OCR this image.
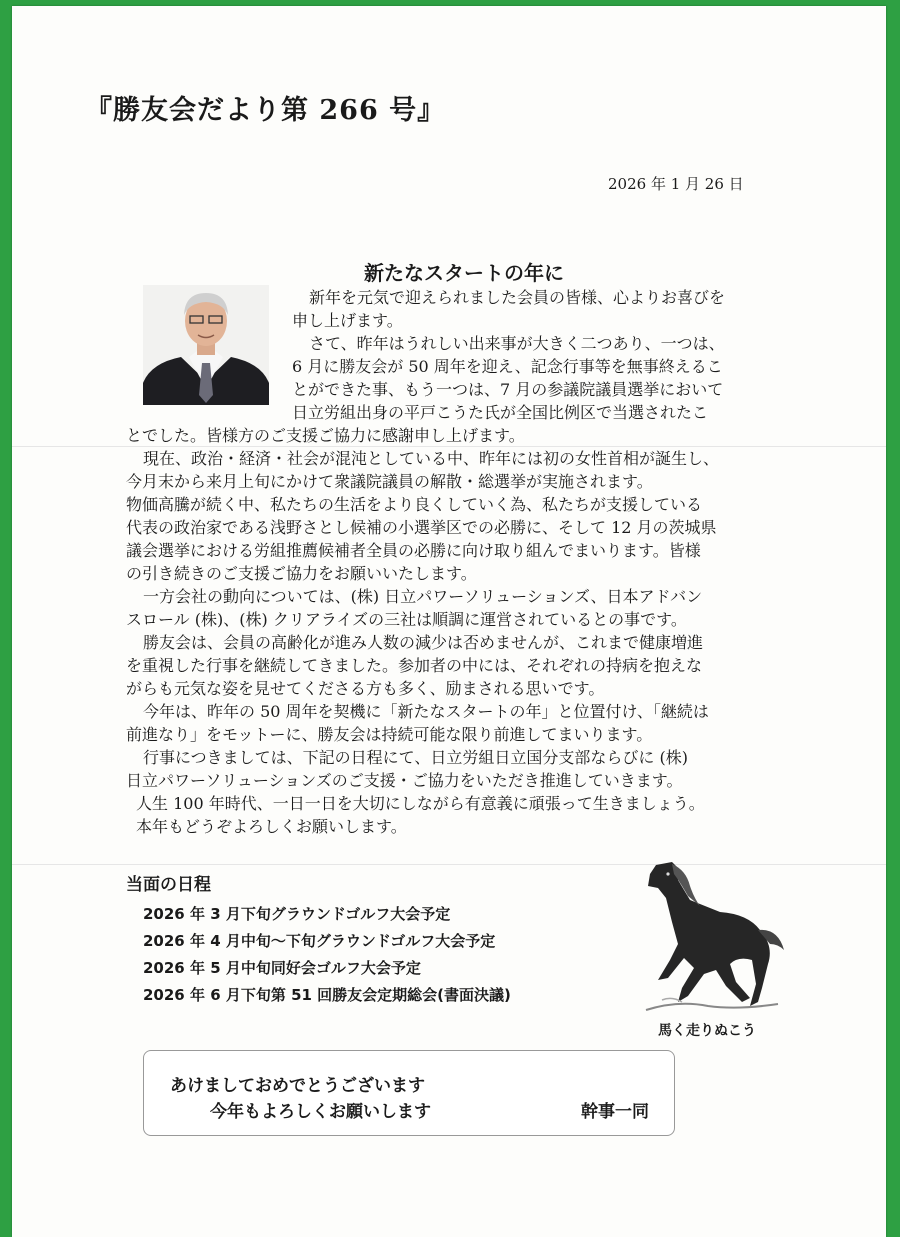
『勝友会だより第 266 号』
2026 年 1 月 26 日
新たなスタートの年に
新年を元気で迎えられました会員の皆様、心よりお喜びを
申し上げます。
さて、昨年はうれしい出来事が大きく二つあり、一つは、
6 月に勝友会が 50 周年を迎え、記念行事等を無事終えるこ
とができた事、もう一つは、7 月の参議院議員選挙において
日立労組出身の平戸こうた氏が全国比例区で当選されたこ
とでした。皆様方のご支援ご協力に感謝申し上げます。
現在、政治・経済・社会が混沌としている中、昨年には初の女性首相が誕生し、
今月末から来月上旬にかけて衆議院議員の解散・総選挙が実施されます。
物価高騰が続く中、私たちの生活をより良くしていく為、私たちが支援している
代表の政治家である浅野さとし候補の小選挙区での必勝に、そして 12 月の茨城県
議会選挙における労組推薦候補者全員の必勝に向け取り組んでまいります。皆様
の引き続きのご支援ご協力をお願いいたします。
一方会社の動向については、(株) 日立パワーソリューションズ、日本アドバン
スロール (株)、(株) クリアライズの三社は順調に運営されているとの事です。
勝友会は、会員の高齢化が進み人数の減少は否めませんが、これまで健康増進
を重視した行事を継続してきました。参加者の中には、それぞれの持病を抱えな
がらも元気な姿を見せてくださる方も多く、励まされる思いです。
今年は、昨年の 50 周年を契機に「新たなスタートの年」と位置付け、「継続は
前進なり」をモットーに、勝友会は持続可能な限り前進してまいります。
行事につきましては、下記の日程にて、日立労組日立国分支部ならびに (株)
日立パワーソリューションズのご支援・ご協力をいただき推進していきます。
人生 100 年時代、一日一日を大切にしながら有意義に頑張って生きましょう。
本年もどうぞよろしくお願いします。
当面の日程
2026 年 3 月下旬グラウンドゴルフ大会予定
2026 年 4 月中旬～下旬グラウンドゴルフ大会予定
2026 年 5 月中旬同好会ゴルフ大会予定
2026 年 6 月下旬第 51 回勝友会定期総会(書面決議)
馬く走りぬこう
あけましておめでとうございます
今年もよろしくお願いします	幹事一同
